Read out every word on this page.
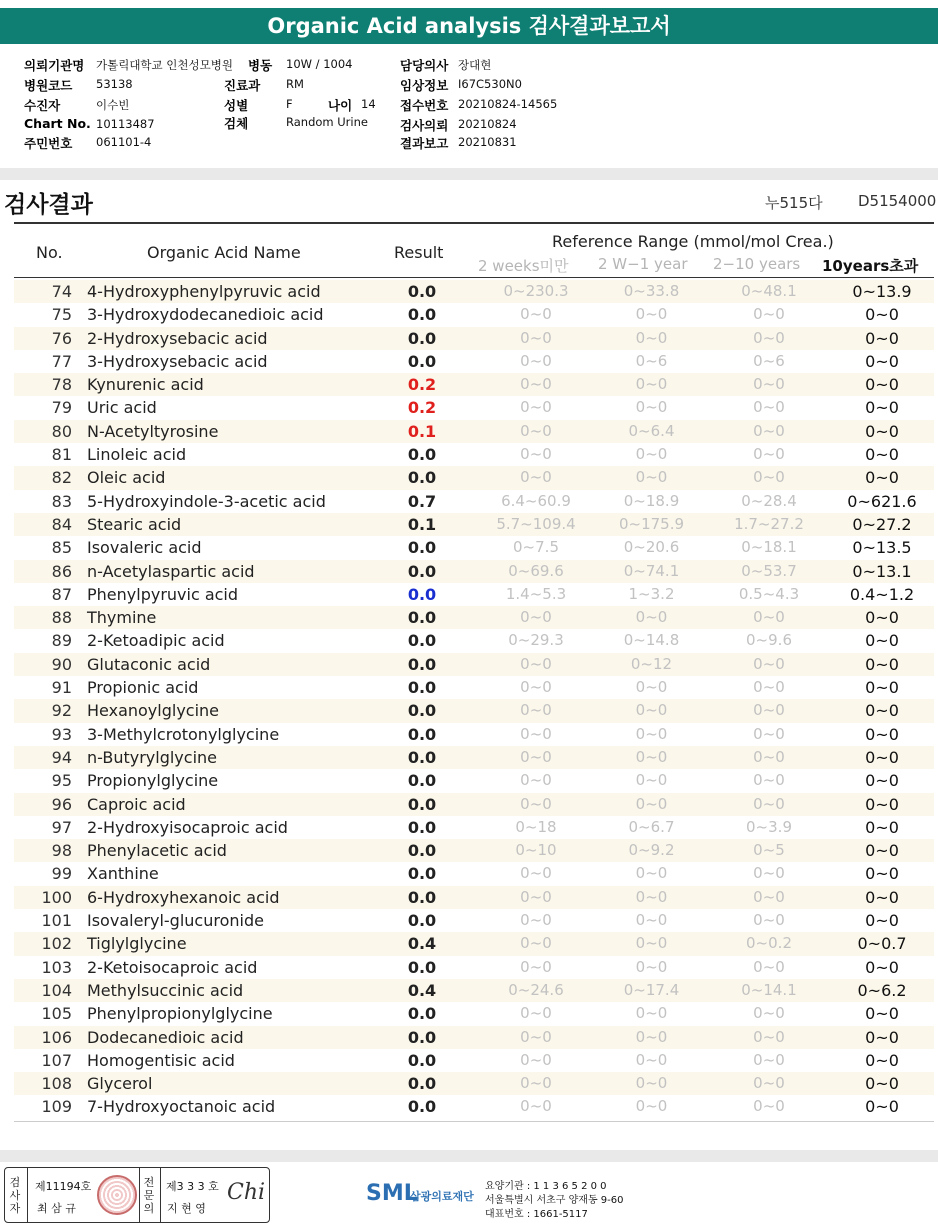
Organic Acid analysis 검사결과보고서
의뢰기관명 가톨릭대학교 인천성모병원 병동 10W / 1004	담당의사 장대현
병원코드 53138	진료과 RM	임상정보 I67C530N0
수진자	이수빈	성별	F	나이 14 접수번호 20210824-14565
Chart No. 10113487	검체	Random Urine	검사의뢰 20210824
주민번호 061101-4	결과보고 20210831
검사결과	누515다 D5154000
No.	Organic Acid Name	Result
Reference Range (mmol/mol Crea.)
2 weeks미만 2 W−1 year 2−10 years 10years초과
74 4-Hydroxyphenylpyruvic acid	0.0	0~230.3	0~33.8	0~48.1	0~13.9
75 3-Hydroxydodecanedioic acid	0.0	0~0	0~0	0~0	0~0
76 2-Hydroxysebacic acid	0.0	0~0	0~0	0~0	0~0
77 3-Hydroxysebacic acid	0.0	0~0	0~6	0~6	0~0
78 Kynurenic acid	0.2	0~0	0~0	0~0	0~0
79 Uric acid	0.2	0~0	0~0	0~0	0~0
80 N-Acetyltyrosine	0.1	0~0	0~6.4	0~0	0~0
81 Linoleic acid	0.0	0~0	0~0	0~0	0~0
82 Oleic acid	0.0	0~0	0~0	0~0	0~0
83 5-Hydroxyindole-3-acetic acid	0.7	6.4~60.9	0~18.9	0~28.4	0~621.6
84 Stearic acid	0.1	5.7~109.4	0~175.9	1.7~27.2	0~27.2
85 Isovaleric acid	0.0	0~7.5	0~20.6	0~18.1	0~13.5
86 n-Acetylaspartic acid	0.0	0~69.6	0~74.1	0~53.7	0~13.1
87 Phenylpyruvic acid	0.0	1.4~5.3	1~3.2	0.5~4.3	0.4~1.2
88 Thymine	0.0	0~0	0~0	0~0	0~0
89 2-Ketoadipic acid	0.0	0~29.3	0~14.8	0~9.6	0~0
90 Glutaconic acid	0.0	0~0	0~12	0~0	0~0
91 Propionic acid	0.0	0~0	0~0	0~0	0~0
92 Hexanoylglycine	0.0	0~0	0~0	0~0	0~0
93 3-Methylcrotonylglycine	0.0	0~0	0~0	0~0	0~0
94 n-Butyrylglycine	0.0	0~0	0~0	0~0	0~0
95 Propionylglycine	0.0	0~0	0~0	0~0	0~0
96 Caproic acid	0.0	0~0	0~0	0~0	0~0
97 2-Hydroxyisocaproic acid	0.0	0~18	0~6.7	0~3.9	0~0
98 Phenylacetic acid	0.0	0~10	0~9.2	0~5	0~0
99 Xanthine	0.0	0~0	0~0	0~0	0~0
100 6-Hydroxyhexanoic acid	0.0	0~0	0~0	0~0	0~0
101 Isovaleryl-glucuronide	0.0	0~0	0~0	0~0	0~0
102 Tiglylglycine	0.4	0~0	0~0	0~0.2	0~0.7
103 2-Ketoisocaproic acid	0.0	0~0	0~0	0~0	0~0
104 Methylsuccinic acid	0.4	0~24.6	0~17.4	0~14.1	0~6.2
105 Phenylpropionylglycine	0.0	0~0	0~0	0~0	0~0
106 Dodecanedioic acid	0.0	0~0	0~0	0~0	0~0
107 Homogentisic acid	0.0	0~0	0~0	0~0	0~0
108 Glycerol	0.0	0~0	0~0	0~0	0~0
109 7-Hydroxyoctanoic acid	0.0	0~0	0~0	0~0	0~0
검사자
제11194호
최 삼 규
전문의
제3 3 3 호
지 현 영
Chi	SML
삼광의료재단
요양기관 : 1 1 3 6 5 2 0 0
서울특별시 서초구 양재동 9-60
대표번호 : 1661-5117
